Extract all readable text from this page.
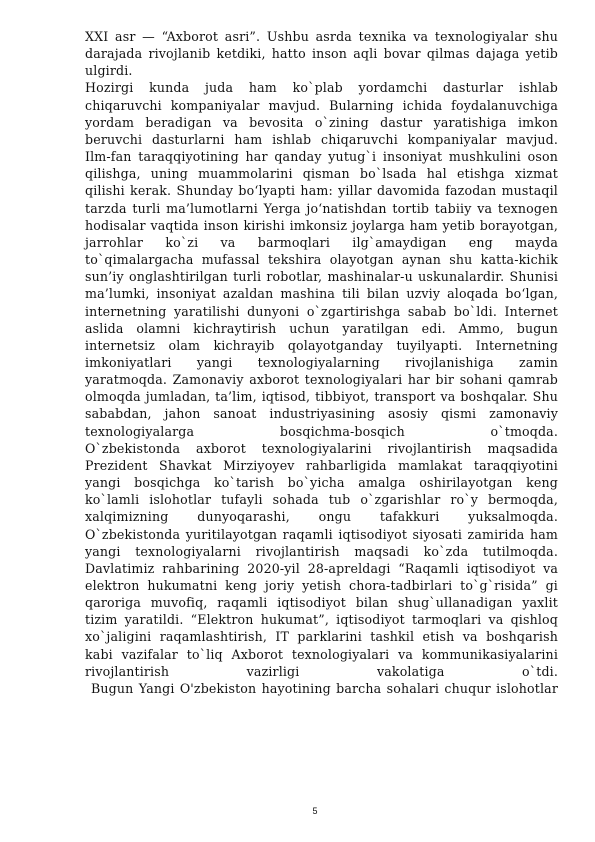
XXI asr — “Axborot asri”. Ushbu asrda texnika va texnologiyalar shu darajada rivojlanib ketdiki, hatto inson aqli bovar qilmas dajaga yetib ulgirdi.

Hozirgi kunda juda ham ko`plab yordamchi dasturlar ishlab chiqaruvchi kompaniyalar mavjud. Bularning ichida foydalanuvchiga yordam beradigan va bevosita o`zining dastur yaratishiga imkon beruvchi dasturlarni ham ishlab chiqaruvchi kompaniyalar mavjud.

Ilm-fan taraqqiyotining har qanday yutug`i insoniyat mushkulini oson qilishga, uning muammolarini qisman bo`lsada hal etishga xizmat qilishi kerak. Shunday bo‘lyapti ham: yillar davomida fazodan mustaqil tarzda turli ma’lumotlarni Yerga jo‘natishdan tortib tabiiy va texnogen hodisalar vaqtida inson kirishi imkonsiz joylarga ham yetib borayotgan, jarrohlar ko`zi va barmoqlari ilg`amaydigan eng mayda to`qimalargacha mufassal tekshira olayotgan aynan shu katta-kichik sun’iy onglashtirilgan turli robotlar, mashinalar-u uskunalardir. Shunisi ma’lumki, insoniyat azaldan mashina tili bilan uzviy aloqada bo‘lgan, internetning yaratilishi dunyoni o`zgartirishga sabab bo`ldi. Internet aslida olamni kichraytirish uchun yaratilgan edi. Ammo, bugun internetsiz olam kichrayib qolayotganday tuyilyapti. Internetning imkoniyatlari yangi texnologiyalarning rivojlanishiga zamin yaratmoqda. Zamonaviy axborot texnologiyalari har bir sohani qamrab olmoqda jumladan, ta’lim, iqtisod, tibbiyot, transport va boshqalar. Shu sababdan, jahon sanoat industriyasining asosiy qismi zamonaviy texnologiyalarga bosqichma-bosqich o`tmoqda.

O`zbekistonda axborot texnologiyalarini rivojlantirish maqsadida Prezident Shavkat Mirziyoyev rahbarligida mamlakat taraqqiyotini yangi bosqichga ko`tarish bo`yicha amalga oshirilayotgan keng ko`lamli islohotlar tufayli sohada tub o`zgarishlar ro`y bermoqda, xalqimizning dunyoqarashi, ongu tafakkuri yuksalmoqda.

O`zbekistonda yuritilayotgan raqamli iqtisodiyot siyosati zamirida ham yangi texnologiyalarni rivojlantirish maqsadi ko`zda tutilmoqda. Davlatimiz rahbarining 2020-yil 28-apreldagi “Raqamli iqtisodiyot va elektron hukumatni keng joriy yetish chora-tadbirlari to`g`risida” gi qaroriga muvofiq, raqamli iqtisodiyot bilan shug`ullanadigan yaxlit tizim yaratildi. “Elektron hukumat”, iqtisodiyot tarmoqlari va qishloq xo`jaligini raqamlashtirish, IT parklarini tashkil etish va boshqarish kabi vazifalar to`liq Axborot texnologiyalari va kommunikasiyalarini rivojlantirish vazirligi vakolatiga o`tdi.

Bugun Yangi O'zbekiston hayotining barcha sohalari chuqur islohotlar

5
